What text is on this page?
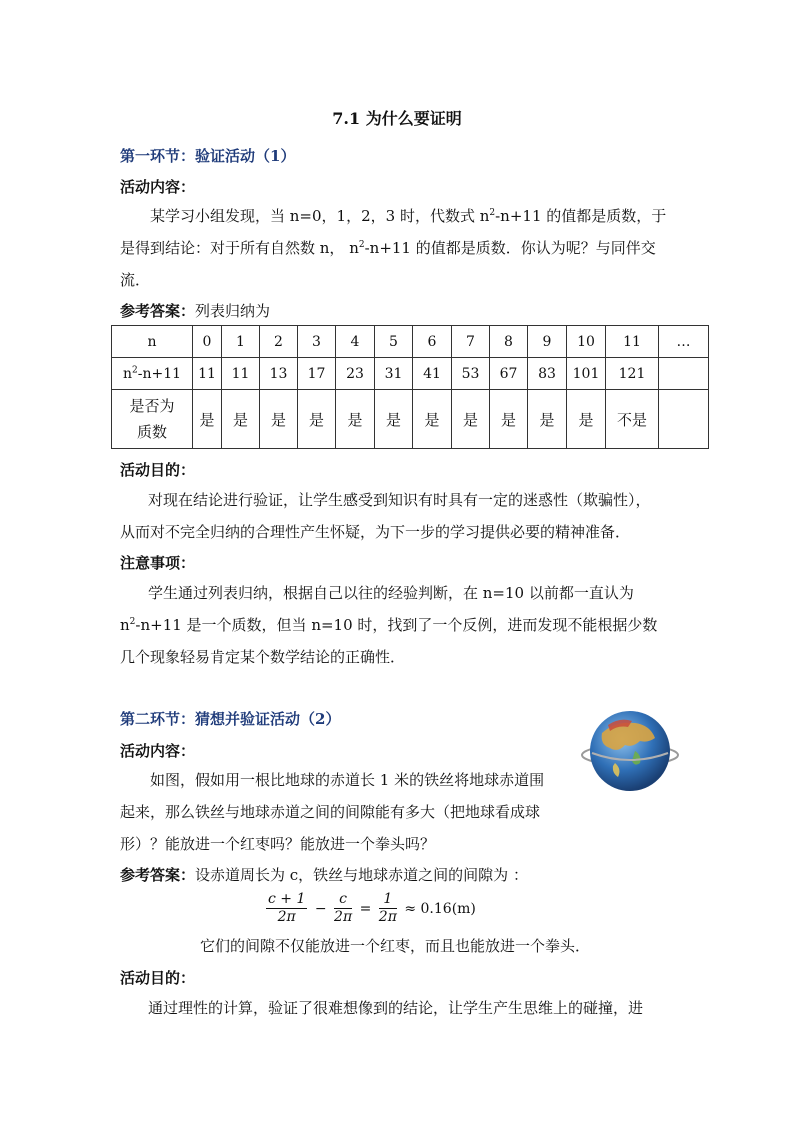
7.1 为什么要证明
第一环节：验证活动（1）
活动内容：
某学习小组发现，当 n=0，1，2，3 时，代数式 $n^2-n+11$ 的值都是质数，于
是得到结论：对于所有自然数 n， $n^2-n+11$ 的值都是质数．你认为呢？与同伴交
流．
参考答案：列表归纳为
n	0	1	2	3	4	5	6	7	8	9	10	11	…
$n^2-n+11$	11	11	13	17	23	31	41	53	67	83	101	121	
是否为
质数	是	是	是	是	是	是	是	是	是	是	是	不是	
活动目的：
对现在结论进行验证，让学生感受到知识有时具有一定的迷惑性（欺骗性），
从而对不完全归纳的合理性产生怀疑，为下一步的学习提供必要的精神准备．
注意事项：
学生通过列表归纳，根据自己以往的经验判断，在 n=10 以前都一直认为
$n^2-n+11$ 是一个质数，但当 n=10 时，找到了一个反例，进而发现不能根据少数
几个现象轻易肯定某个数学结论的正确性．
第二环节：猜想并验证活动（2）
活动内容：
如图，假如用一根比地球的赤道长 1 米的铁丝将地球赤道围
起来，那么铁丝与地球赤道之间的间隙能有多大（把地球看成球
形）？能放进一个红枣吗？能放进一个拳头吗？
参考答案：设赤道周长为 c，铁丝与地球赤道之间的间隙为 ：
$\frac{c + 1}{2\pi} - \frac{c}{2\pi} = \frac{1}{2\pi} \approx 0.16(m)$
它们的间隙不仅能放进一个红枣，而且也能放进一个拳头．
活动目的：
通过理性的计算，验证了很难想像到的结论，让学生产生思维上的碰撞，进
